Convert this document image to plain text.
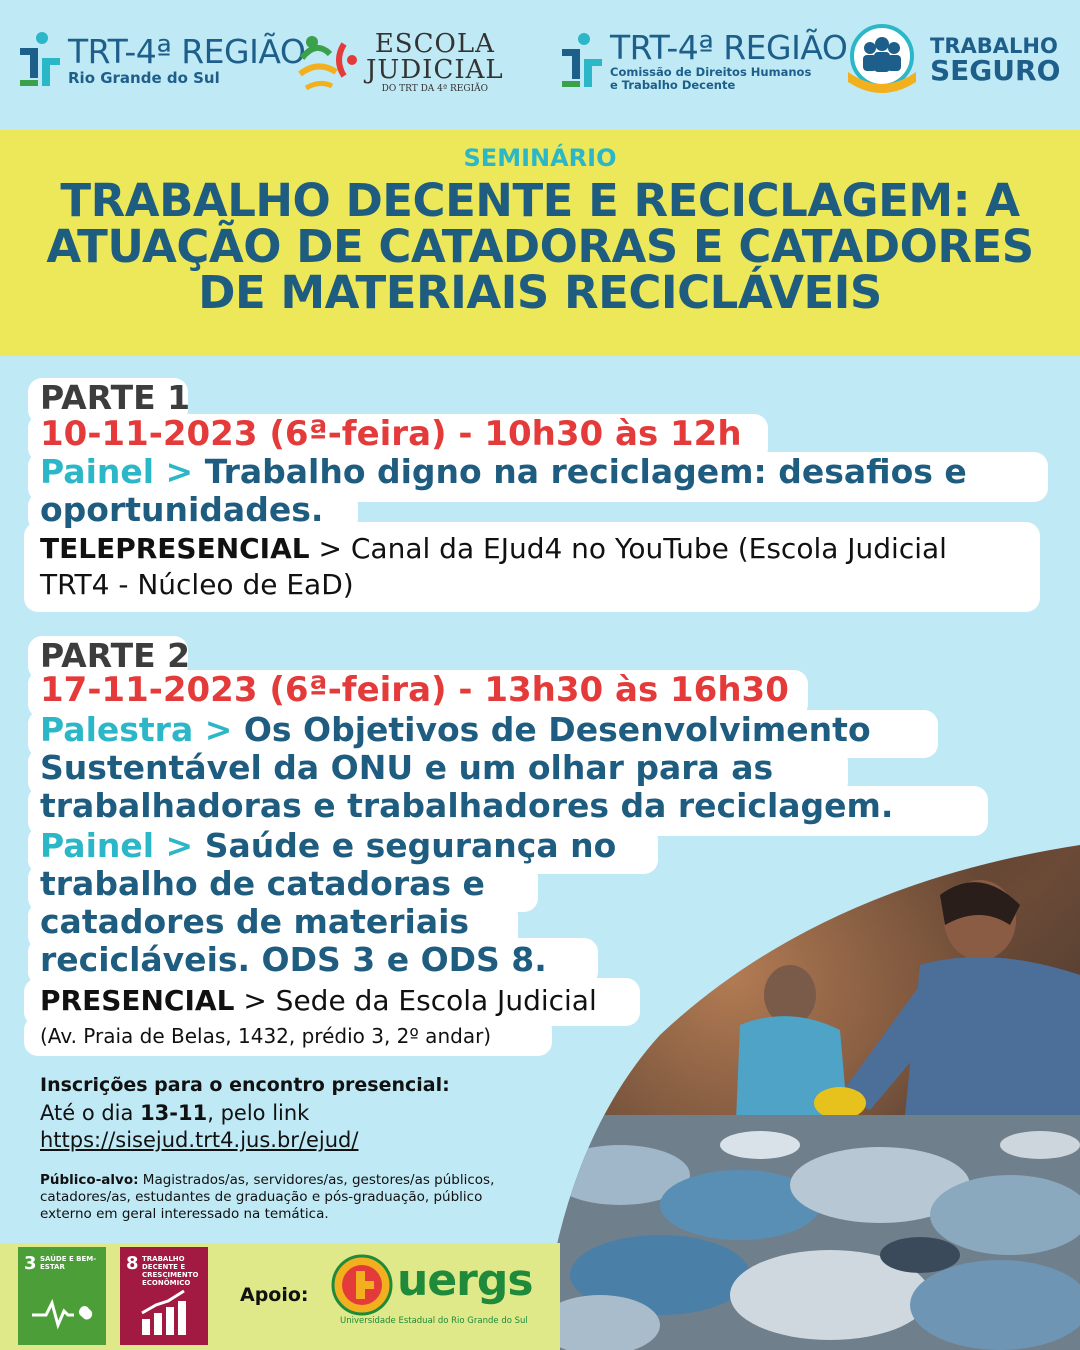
TRT-4ª REGIÃO
Rio Grande do Sul
ESCOLA
JUDICIAL
DO TRT DA 4ª REGIÃO
TRT-4ª REGIÃO
Comissão de Direitos Humanos
e Trabalho Decente
TRABALHO
SEGURO
SEMINÁRIO
TRABALHO DECENTE E RECICLAGEM: A
ATUAÇÃO DE CATADORAS E CATADORES
DE MATERIAIS RECICLÁVEIS
PARTE 1
10-11-2023 (6ª-feira) - 10h30 às 12h
Painel > Trabalho digno na reciclagem: desafios e
oportunidades.
TELEPRESENCIAL > Canal da EJud4 no YouTube (Escola Judicial
TRT4 - Núcleo de EaD)
PARTE 2
17-11-2023 (6ª-feira) - 13h30 às 16h30
Palestra > Os Objetivos de Desenvolvimento
Sustentável da ONU e um olhar para as
trabalhadoras e trabalhadores da reciclagem.
Painel > Saúde e segurança no
trabalho de catadoras e
catadores de materiais
recicláveis. ODS 3 e ODS 8.
PRESENCIAL > Sede da Escola Judicial
(Av. Praia de Belas, 1432, prédio 3, 2º andar)
Inscrições para o encontro presencial:
Até o dia 13-11, pelo link
https://sisejud.trt4.jus.br/ejud/
Público-alvo: Magistrados/as, servidores/as, gestores/as públicos,
catadores/as, estudantes de graduação e pós-graduação, público
externo em geral interessado na temática.
3 SAÚDE E BEM-ESTAR	8 TRABALHO DECENTE E CRESCIMENTO ECONÔMICO
Apoio: uergs
Universidade Estadual do Rio Grande do Sul
